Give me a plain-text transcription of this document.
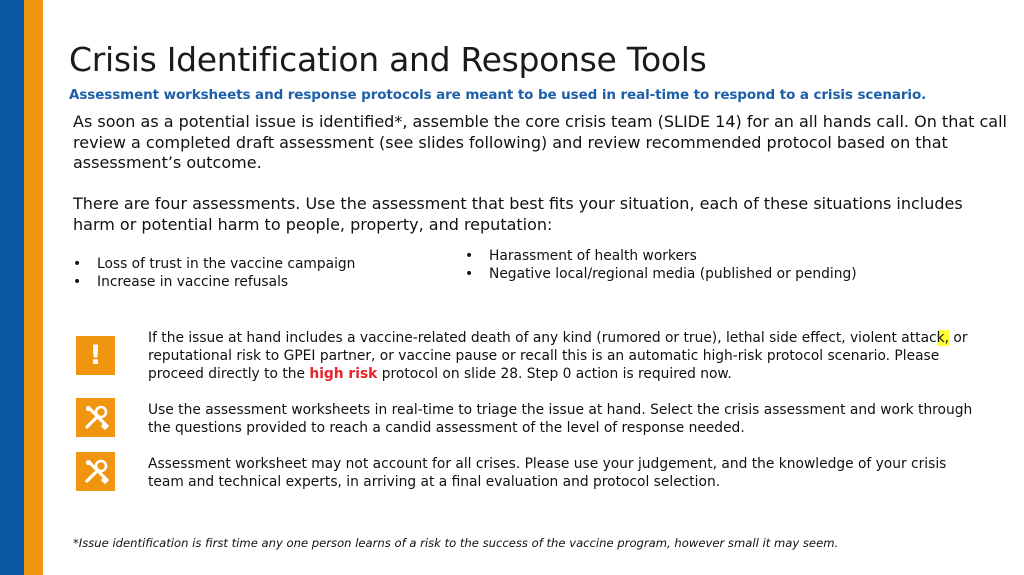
Crisis Identification and Response Tools
Assessment worksheets and response protocols are meant to be used in real-time to respond to a crisis scenario.
As soon as a potential issue is identified*, assemble the core crisis team (SLIDE 14) for an all hands call. On that call review a completed draft assessment (see slides following) and review recommended protocol based on that assessment’s outcome.
There are four assessments. Use the assessment that best fits your situation, each of these situations includes harm or potential harm to people, property, and reputation:
• Loss of trust in the vaccine campaign
• Increase in vaccine refusals
• Harassment of health workers
• Negative local/regional media (published or pending)
!
If the issue at hand includes a vaccine-related death of any kind (rumored or true), lethal side effect, violent attack, or reputational risk to GPEI partner, or vaccine pause or recall this is an automatic high-risk protocol scenario. Please proceed directly to the high risk protocol on slide 28. Step 0 action is required now.
Use the assessment worksheets in real-time to triage the issue at hand. Select the crisis assessment and work through the questions provided to reach a candid assessment of the level of response needed.
Assessment worksheet may not account for all crises. Please use your judgement, and the knowledge of your crisis team and technical experts, in arriving at a final evaluation and protocol selection.
*Issue identification is first time any one person learns of a risk to the success of the vaccine program, however small it may seem.
